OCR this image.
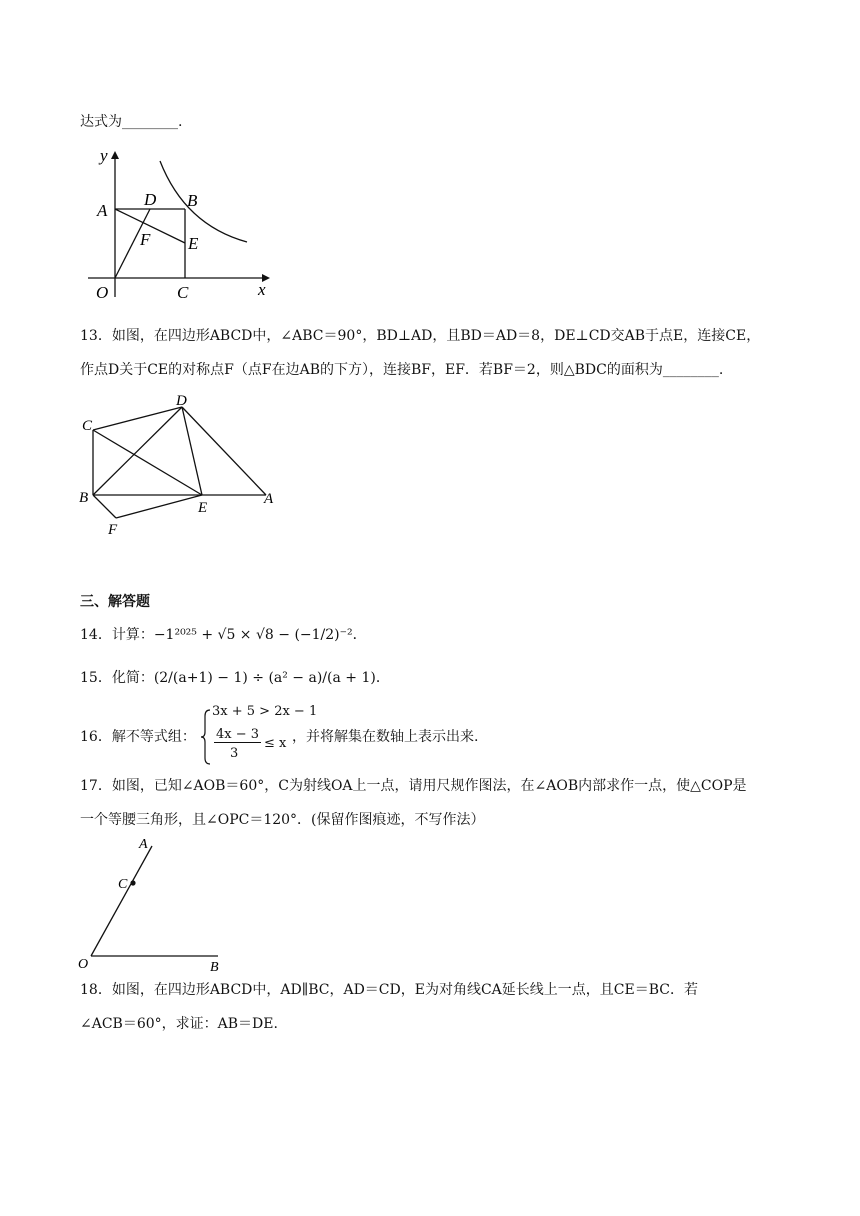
达式为________.
y
x
O
A
B
C
D
E
F
13．如图，在四边形ABCD中，∠ABC＝90°，BD⊥AD，且BD＝AD＝8，DE⊥CD交AB于点E，连接CE，
作点D关于CE的对称点F（点F在边AB的下方），连接BF，EF．若BF＝2，则△BDC的面积为________.
C
D
B
E
A
F
三、解答题
14．计算：−1²⁰²⁵ + √5 × √8 − (−1/2)⁻²．
15．化简：(2/(a+1) − 1) ÷ (a² − a)/(a + 1)．
16．解不等式组：
3x + 5 > 2x − 1
4x − 3
3
≤ x ，并将解集在数轴上表示出来.
17．如图，已知∠AOB＝60°，C为射线OA上一点，请用尺规作图法，在∠AOB内部求作一点，使△COP是
一个等腰三角形，且∠OPC＝120°．(保留作图痕迹，不写作法）
A
C
O	B
18．如图，在四边形ABCD中，AD∥BC，AD＝CD，E为对角线CA延长线上一点，且CE＝BC．若
∠ACB＝60°，求证：AB＝DE.
